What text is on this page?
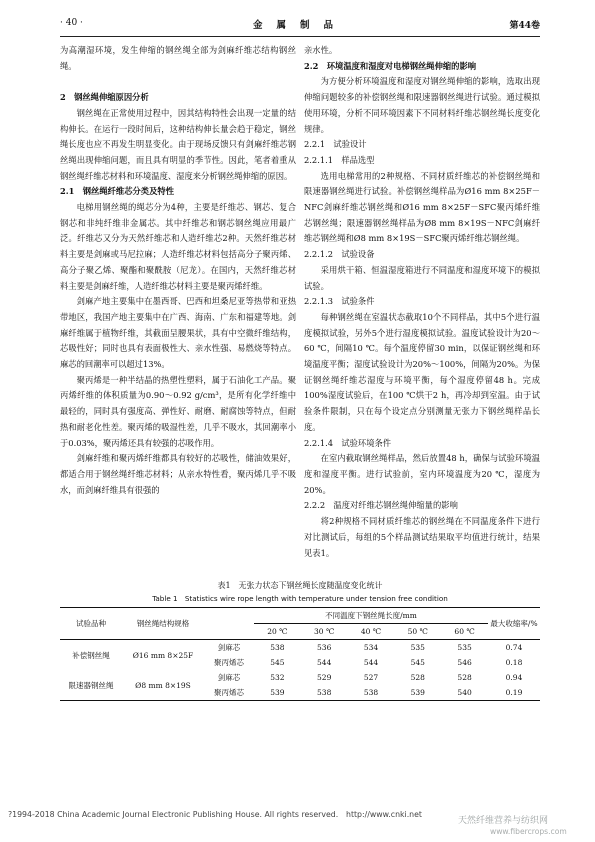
· 40 ·	金属制品	第44卷

为高潮湿环境，发生伸缩的钢丝绳全部为剑麻纤维芯结构钢丝绳。

2　钢丝绳伸缩原因分析

钢丝绳在正常使用过程中，因其结构特性会出现一定量的结构伸长。在运行一段时间后，这种结构伸长量会趋于稳定，钢丝绳长度也应不再发生明显变化。由于现场反馈只有剑麻纤维芯钢丝绳出现伸缩问题，而且具有明显的季节性。因此，笔者着重从钢丝绳纤维芯材料和环境温度、湿度来分析钢丝绳伸缩的原因。

2.1　钢丝绳纤维芯分类及特性

电梯用钢丝绳的绳芯分为4种，主要是纤维芯、钢芯、复合钢芯和非纯纤维非金属芯。其中纤维芯和钢芯钢丝绳应用最广泛。纤维芯又分为天然纤维芯和人造纤维芯2种。天然纤维芯材料主要是剑麻或马尼拉麻；人造纤维芯材料包括高分子聚丙烯、高分子聚乙烯、聚酯和聚酰胺（尼龙）。在国内，天然纤维芯材料主要是剑麻纤维，人造纤维芯材料主要是聚丙烯纤维。

剑麻产地主要集中在墨西哥、巴西和坦桑尼亚等热带和亚热带地区，我国产地主要集中在广西、海南、广东和福建等地。剑麻纤维属于植物纤维，其截面呈腰果状，具有中空微纤维结构，芯吸性好；同时也具有表面极性大、亲水性强、易燃烧等特点。麻芯的回潮率可以超过13%。

聚丙烯是一种半结晶的热塑性塑料，属于石油化工产品。聚丙烯纤维的体积质量为0.90～0.92 g/cm³，是所有化学纤维中最轻的，同时具有强度高、弹性好、耐磨、耐腐蚀等特点，但耐热和耐老化性差。聚丙烯的吸湿性差，几乎不吸水，其回潮率小于0.03%，聚丙烯还具有较强的芯吸作用。

剑麻纤维和聚丙烯纤维都具有较好的芯吸性，储油效果好，都适合用于钢丝绳纤维芯材料；从亲水特性看，聚丙烯几乎不吸水，而剑麻纤维具有很强的

亲水性。

2.2　环境温度和湿度对电梯钢丝绳伸缩的影响

为方便分析环境温度和湿度对钢丝绳伸缩的影响，选取出现伸缩问题较多的补偿钢丝绳和限速器钢丝绳进行试验。通过模拟使用环境，分析不同环境因素下不同材料纤维芯钢丝绳长度变化规律。

2.2.1　试验设计

2.2.1.1　样品选型

选用电梯常用的2种规格、不同材质纤维芯的补偿钢丝绳和限速器钢丝绳进行试验。补偿钢丝绳样品为Ø16 mm 8×25F－NFC剑麻纤维芯钢丝绳和Ø16 mm 8×25F－SFC聚丙烯纤维芯钢丝绳；限速器钢丝绳样品为Ø8 mm 8×19S－NFC剑麻纤维芯钢丝绳和Ø8 mm 8×19S－SFC聚丙烯纤维芯钢丝绳。

2.2.1.2　试验设备

采用烘干箱、恒温湿度箱进行不同温度和湿度环境下的模拟试验。

2.2.1.3　试验条件

每种钢丝绳在室温状态截取10个不同样品，其中5个进行温度模拟试验，另外5个进行湿度模拟试验。温度试验设计为20～60 ℃，间隔10 ℃。每个温度停留30 min，以保证钢丝绳和环境温度平衡；湿度试验设计为20%～100%，间隔为20%。为保证钢丝绳纤维芯湿度与环境平衡，每个湿度停留48 h。完成100%湿度试验后，在100 ℃烘干2 h，再冷却到室温。由于试验条件限制，只在每个设定点分别测量无张力下钢丝绳样品长度。

2.2.1.4　试验环境条件

在室内截取钢丝绳样品，然后放置48 h，确保与试验环境温度和湿度平衡。进行试验前，室内环境温度为20 ℃，湿度为20%。

2.2.2　温度对纤维芯钢丝绳伸缩量的影响

将2种规格不同材质纤维芯的钢丝绳在不同温度条件下进行对比测试后，每组的5个样品测试结果取平均值进行统计，结果见表1。

表1　无张力状态下钢丝绳长度随温度变化统计
Table 1　Statistics wire rope length with temperature under tension free condition
试验品种	钢丝绳结构规格		不同温度下钢丝绳长度/mm					最大收缩率/%
			20 ℃	30 ℃	40 ℃	50 ℃	60 ℃	
补偿钢丝绳	Ø16 mm 8×25F	剑麻芯	538	536	534	535	535	0.74
		聚丙烯芯	545	544	544	545	546	0.18
限速器钢丝绳	Ø8 mm 8×19S	剑麻芯	532	529	527	528	528	0.94
		聚丙烯芯	539	538	538	539	540	0.19
?1994-2018 China Academic Journal Electronic Publishing House. All rights reserved.　http://www.cnki.net
天然纤维营养与纺织网
www.fibercrops.com
